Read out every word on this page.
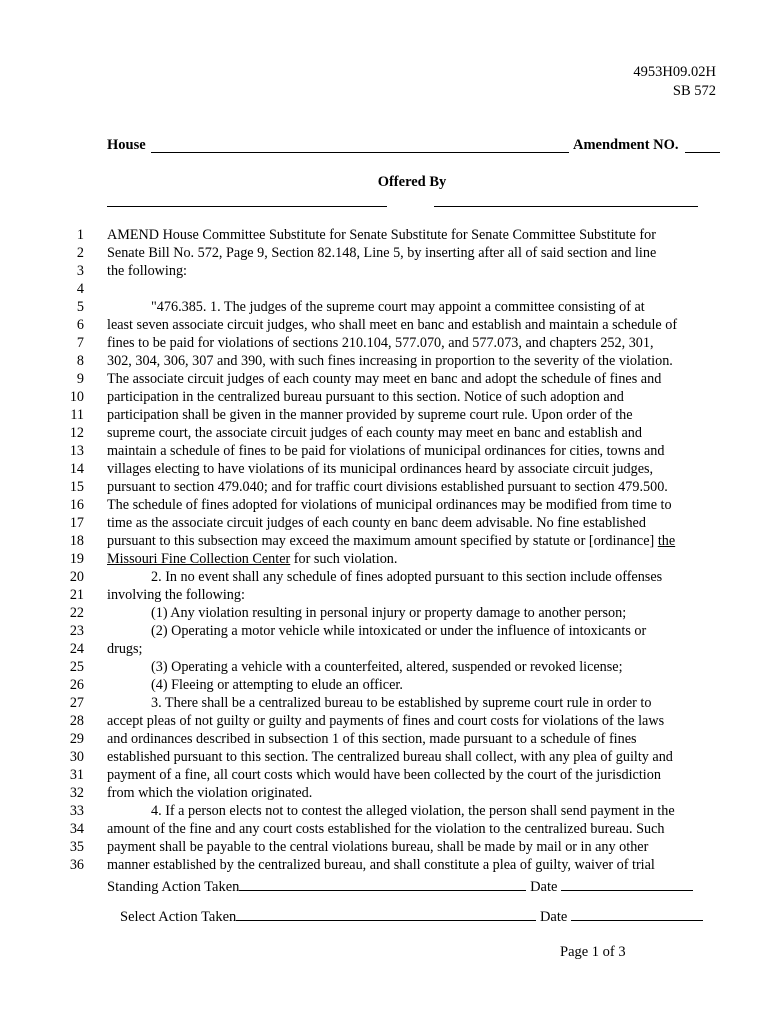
4953H09.02H
SB 572
House	Amendment NO.
Offered By
1 AMEND House Committee Substitute for Senate Substitute for Senate Committee Substitute for
2 Senate Bill No. 572, Page 9, Section 82.148, Line 5, by inserting after all of said section and line
3 the following:
4
5	"476.385. 1. The judges of the supreme court may appoint a committee consisting of at
6 least seven associate circuit judges, who shall meet en banc and establish and maintain a schedule of
7 fines to be paid for violations of sections 210.104, 577.070, and 577.073, and chapters 252, 301,
8 302, 304, 306, 307 and 390, with such fines increasing in proportion to the severity of the violation.
9 The associate circuit judges of each county may meet en banc and adopt the schedule of fines and
10 participation in the centralized bureau pursuant to this section. Notice of such adoption and
11 participation shall be given in the manner provided by supreme court rule. Upon order of the
12 supreme court, the associate circuit judges of each county may meet en banc and establish and
13 maintain a schedule of fines to be paid for violations of municipal ordinances for cities, towns and
14 villages electing to have violations of its municipal ordinances heard by associate circuit judges,
15 pursuant to section 479.040; and for traffic court divisions established pursuant to section 479.500.
16 The schedule of fines adopted for violations of municipal ordinances may be modified from time to
17 time as the associate circuit judges of each county en banc deem advisable. No fine established
18 pursuant to this subsection may exceed the maximum amount specified by statute or [ordinance] the
19 Missouri Fine Collection Center for such violation.
20	2. In no event shall any schedule of fines adopted pursuant to this section include offenses
21 involving the following:
22	(1) Any violation resulting in personal injury or property damage to another person;
23	(2) Operating a motor vehicle while intoxicated or under the influence of intoxicants or
24 drugs;
25	(3) Operating a vehicle with a counterfeited, altered, suspended or revoked license;
26	(4) Fleeing or attempting to elude an officer.
27	3. There shall be a centralized bureau to be established by supreme court rule in order to
28 accept pleas of not guilty or guilty and payments of fines and court costs for violations of the laws
29 and ordinances described in subsection 1 of this section, made pursuant to a schedule of fines
30 established pursuant to this section. The centralized bureau shall collect, with any plea of guilty and
31 payment of a fine, all court costs which would have been collected by the court of the jurisdiction
32 from which the violation originated.
33	4. If a person elects not to contest the alleged violation, the person shall send payment in the
34 amount of the fine and any court costs established for the violation to the centralized bureau. Such
35 payment shall be payable to the central violations bureau, shall be made by mail or in any other
36 manner established by the centralized bureau, and shall constitute a plea of guilty, waiver of trial
Standing Action Taken	Date
Select Action Taken	Date
Page 1 of 3
